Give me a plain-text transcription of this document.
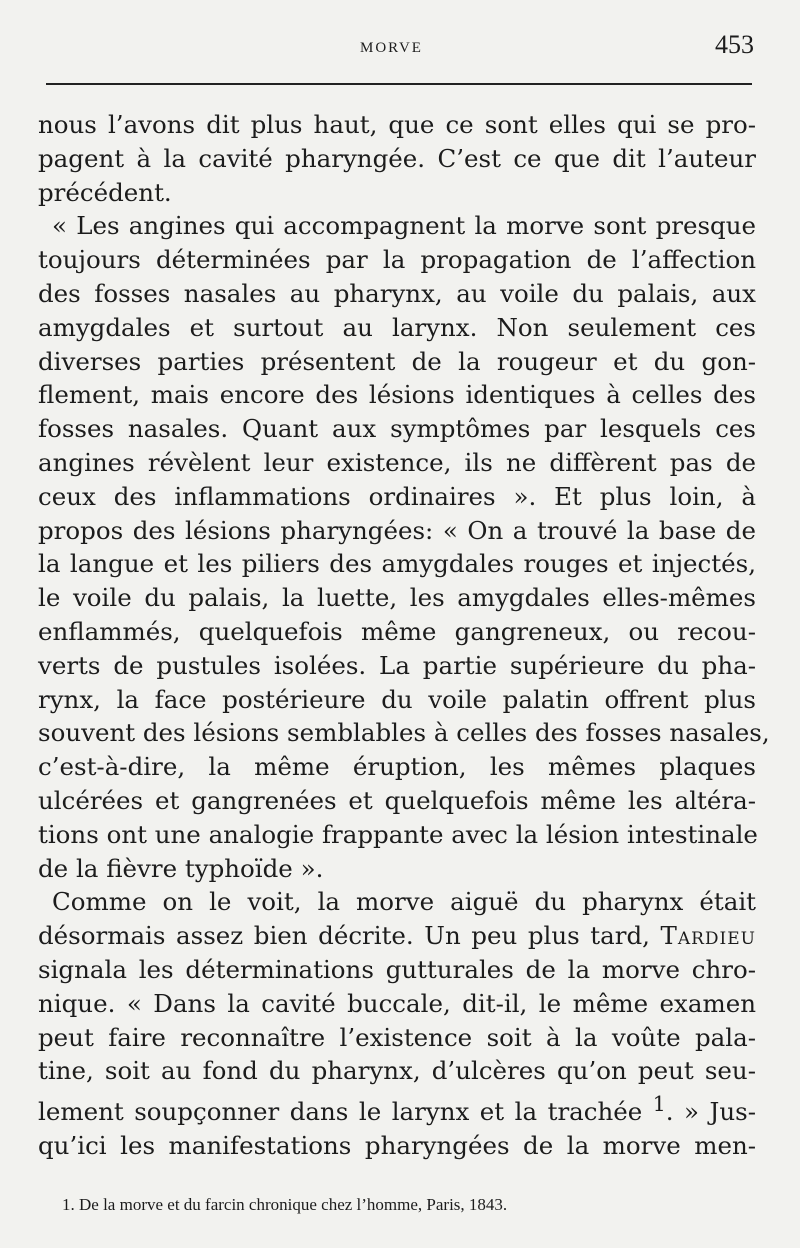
MORVE	453
nous l’avons dit plus haut, que ce sont elles qui se pro-
pagent à la cavité pharyngée. C’est ce que dit l’auteur
précédent.
« Les angines qui accompagnent la morve sont presque
toujours déterminées par la propagation de l’affection
des fosses nasales au pharynx, au voile du palais, aux
amygdales et surtout au larynx. Non seulement ces
diverses parties présentent de la rougeur et du gon-
flement, mais encore des lésions identiques à celles des
fosses nasales. Quant aux symptômes par lesquels ces
angines révèlent leur existence, ils ne diffèrent pas de
ceux des inflammations ordinaires ». Et plus loin, à
propos des lésions pharyngées: « On a trouvé la base de
la langue et les piliers des amygdales rouges et injectés,
le voile du palais, la luette, les amygdales elles-mêmes
enflammés, quelquefois même gangreneux, ou recou-
verts de pustules isolées. La partie supérieure du pha-
rynx, la face postérieure du voile palatin offrent plus
souvent des lésions semblables à celles des fosses nasales,
c’est-à-dire, la même éruption, les mêmes plaques
ulcérées et gangrenées et quelquefois même les altéra-
tions ont une analogie frappante avec la lésion intestinale
de la fièvre typhoïde ».
Comme on le voit, la morve aiguë du pharynx était
désormais assez bien décrite. Un peu plus tard, Tardieu
signala les déterminations gutturales de la morve chro-
nique. « Dans la cavité buccale, dit-il, le même examen
peut faire reconnaître l’existence soit à la voûte pala-
tine, soit au fond du pharynx, d’ulcères qu’on peut seu-
lement soupçonner dans le larynx et la trachée $^1$. » Jus-
qu’ici les manifestations pharyngées de la morve men-
1. De la morve et du farcin chronique chez l’homme, Paris, 1843.
